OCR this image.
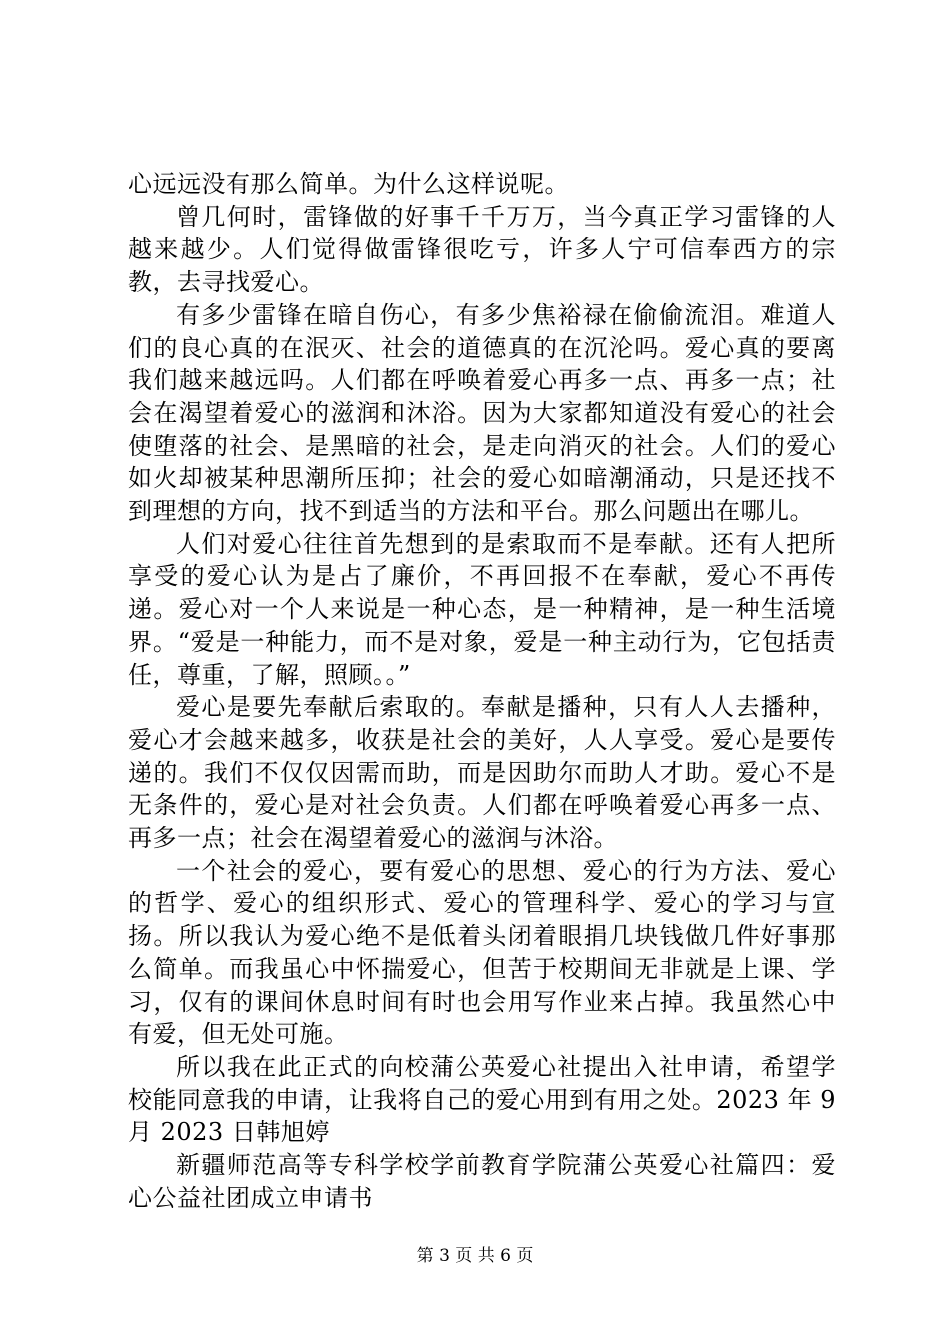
心远远没有那么简单。为什么这样说呢。

曾几何时，雷锋做的好事千千万万，当今真正学习雷锋的人越来越少。人们觉得做雷锋很吃亏，许多人宁可信奉西方的宗教，去寻找爱心。

有多少雷锋在暗自伤心，有多少焦裕禄在偷偷流泪。难道人们的良心真的在泯灭、社会的道德真的在沉沦吗。爱心真的要离我们越来越远吗。人们都在呼唤着爱心再多一点、再多一点；社会在渴望着爱心的滋润和沐浴。因为大家都知道没有爱心的社会使堕落的社会、是黑暗的社会，是走向消灭的社会。人们的爱心如火却被某种思潮所压抑；社会的爱心如暗潮涌动，只是还找不到理想的方向，找不到适当的方法和平台。那么问题出在哪儿。

人们对爱心往往首先想到的是索取而不是奉献。还有人把所享受的爱心认为是占了廉价，不再回报不在奉献，爱心不再传递。爱心对一个人来说是一种心态，是一种精神，是一种生活境界。“爱是一种能力，而不是对象，爱是一种主动行为，它包括责任，尊重，了解，照顾。。”

爱心是要先奉献后索取的。奉献是播种，只有人人去播种，爱心才会越来越多，收获是社会的美好，人人享受。爱心是要传递的。我们不仅仅因需而助，而是因助尔而助人才助。爱心不是无条件的，爱心是对社会负责。人们都在呼唤着爱心再多一点、再多一点；社会在渴望着爱心的滋润与沐浴。

一个社会的爱心，要有爱心的思想、爱心的行为方法、爱心的哲学、爱心的组织形式、爱心的管理科学、爱心的学习与宣扬。所以我认为爱心绝不是低着头闭着眼捐几块钱做几件好事那么简单。而我虽心中怀揣爱心，但苦于校期间无非就是上课、学习，仅有的课间休息时间有时也会用写作业来占掉。我虽然心中有爱，但无处可施。

所以我在此正式的向校蒲公英爱心社提出入社申请，希望学校能同意我的申请，让我将自己的爱心用到有用之处。2023 年 9 月 2023 日韩旭婷

新疆师范高等专科学校学前教育学院蒲公英爱心社篇四：爱心公益社团成立申请书

第 3 页 共 6 页
